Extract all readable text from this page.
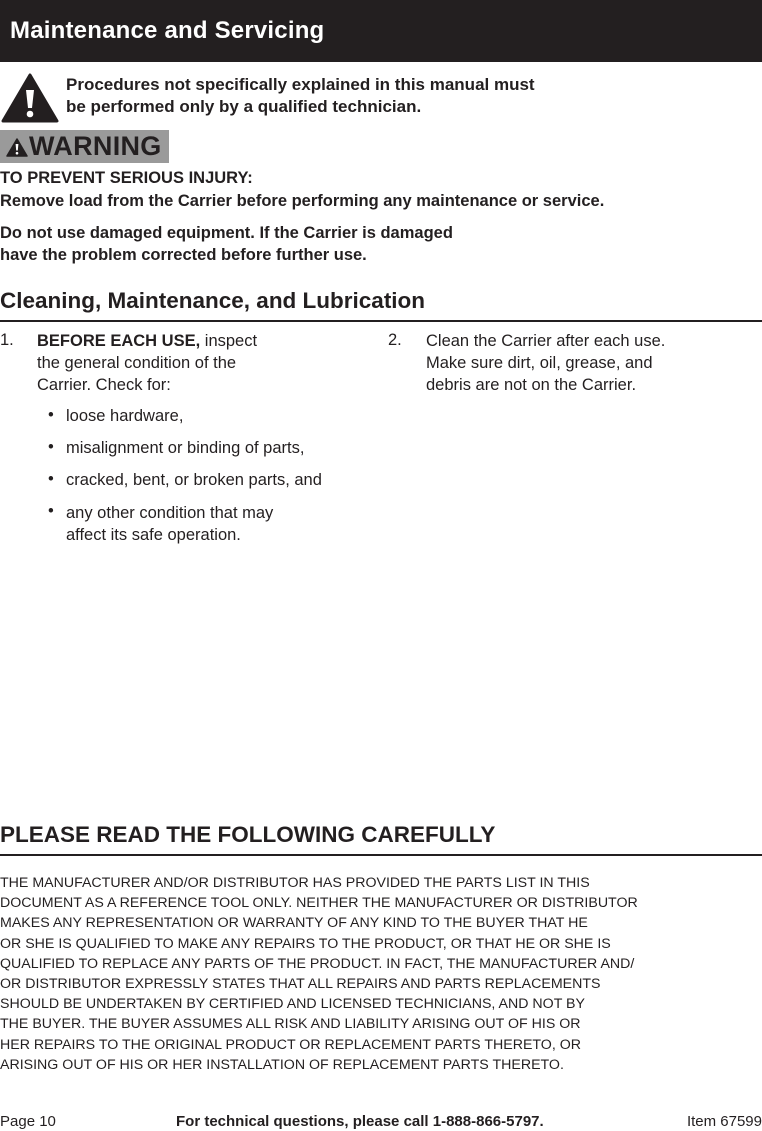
Maintenance and Servicing
Procedures not specifically explained in this manual must
be performed only by a qualified technician.
WARNING
TO PREVENT SERIOUS INJURY:
Remove load from the Carrier before performing any maintenance or service.
Do not use damaged equipment. If the Carrier is damaged
have the problem corrected before further use.
Cleaning, Maintenance, and Lubrication
1. BEFORE EACH USE, inspect
the general condition of the
Carrier. Check for:
• loose hardware,
• misalignment or binding of parts,
• cracked, bent, or broken parts, and
• any other condition that may
affect its safe operation.
2. Clean the Carrier after each use.
Make sure dirt, oil, grease, and
debris are not on the Carrier.
PLEASE READ THE FOLLOWING CAREFULLY
THE MANUFACTURER AND/OR DISTRIBUTOR HAS PROVIDED THE PARTS LIST IN THIS
DOCUMENT AS A REFERENCE TOOL ONLY. NEITHER THE MANUFACTURER OR DISTRIBUTOR
MAKES ANY REPRESENTATION OR WARRANTY OF ANY KIND TO THE BUYER THAT HE
OR SHE IS QUALIFIED TO MAKE ANY REPAIRS TO THE PRODUCT, OR THAT HE OR SHE IS
QUALIFIED TO REPLACE ANY PARTS OF THE PRODUCT. IN FACT, THE MANUFACTURER AND/
OR DISTRIBUTOR EXPRESSLY STATES THAT ALL REPAIRS AND PARTS REPLACEMENTS
SHOULD BE UNDERTAKEN BY CERTIFIED AND LICENSED TECHNICIANS, AND NOT BY
THE BUYER. THE BUYER ASSUMES ALL RISK AND LIABILITY ARISING OUT OF HIS OR
HER REPAIRS TO THE ORIGINAL PRODUCT OR REPLACEMENT PARTS THERETO, OR
ARISING OUT OF HIS OR HER INSTALLATION OF REPLACEMENT PARTS THERETO.
Page 10	For technical questions, please call 1-888-866-5797.	Item 67599
